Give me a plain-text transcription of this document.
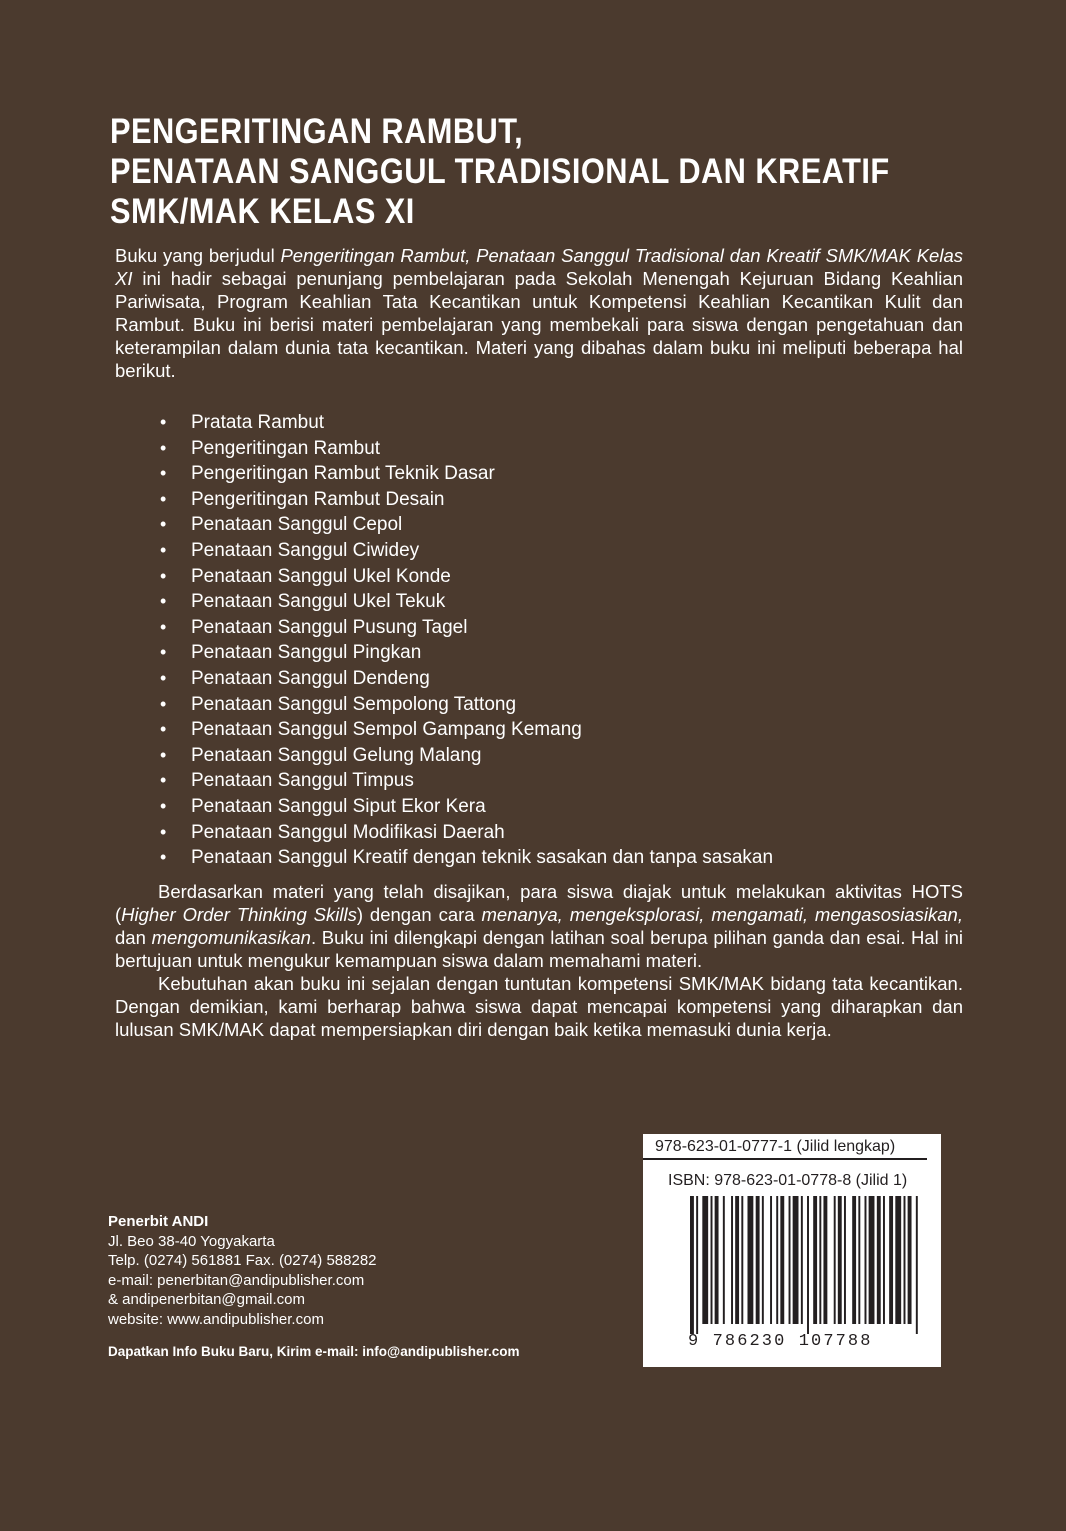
PENGERITINGAN RAMBUT,
PENATAAN SANGGUL TRADISIONAL DAN KREATIF
SMK/MAK KELAS XI

Buku yang berjudul Pengeritingan Rambut, Penataan Sanggul Tradisional dan Kreatif SMK/MAK Kelas XI ini hadir sebagai penunjang pembelajaran pada Sekolah Menengah Kejuruan Bidang Keahlian Pariwisata, Program Keahlian Tata Kecantikan untuk Kompetensi Keahlian Kecantikan Kulit dan Rambut. Buku ini berisi materi pembelajaran yang membekali para siswa dengan pengetahuan dan keterampilan dalam dunia tata kecantikan. Materi yang dibahas dalam buku ini meliputi beberapa hal berikut.

• Pratata Rambut
• Pengeritingan Rambut
• Pengeritingan Rambut Teknik Dasar
• Pengeritingan Rambut Desain
• Penataan Sanggul Cepol
• Penataan Sanggul Ciwidey
• Penataan Sanggul Ukel Konde
• Penataan Sanggul Ukel Tekuk
• Penataan Sanggul Pusung Tagel
• Penataan Sanggul Pingkan
• Penataan Sanggul Dendeng
• Penataan Sanggul Sempolong Tattong
• Penataan Sanggul Sempol Gampang Kemang
• Penataan Sanggul Gelung Malang
• Penataan Sanggul Timpus
• Penataan Sanggul Siput Ekor Kera
• Penataan Sanggul Modifikasi Daerah
• Penataan Sanggul Kreatif dengan teknik sasakan dan tanpa sasakan

Berdasarkan materi yang telah disajikan, para siswa diajak untuk melakukan aktivitas HOTS (Higher Order Thinking Skills) dengan cara menanya, mengeksplorasi, mengamati, mengasosiasikan, dan mengomunikasikan. Buku ini dilengkapi dengan latihan soal berupa pilihan ganda dan esai. Hal ini bertujuan untuk mengukur kemampuan siswa dalam memahami materi.

Kebutuhan akan buku ini sejalan dengan tuntutan kompetensi SMK/MAK bidang tata kecantikan. Dengan demikian, kami berharap bahwa siswa dapat mencapai kompetensi yang diharapkan dan lulusan SMK/MAK dapat mempersiapkan diri dengan baik ketika memasuki dunia kerja.

Penerbit ANDI
Jl. Beo 38-40 Yogyakarta
Telp. (0274) 561881 Fax. (0274) 588282
e-mail: penerbitan@andipublisher.com
& andipenerbitan@gmail.com
website: www.andipublisher.com
Dapatkan Info Buku Baru, Kirim e-mail: info@andipublisher.com
978-623-01-0777-1 (Jilid lengkap)
ISBN: 978-623-01-0778-8 (Jilid 1)
9 786230 107788
